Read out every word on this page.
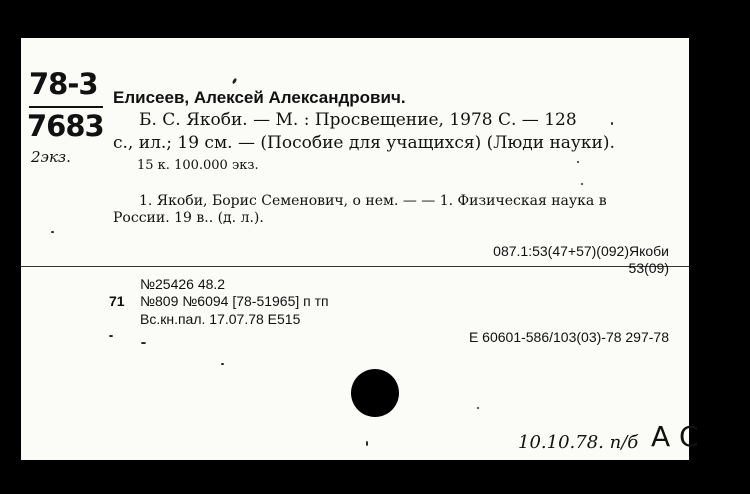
78-3
7683
2экз.
Елисеев, Алексей Александрович.
Б. С. Якоби. — М. : Просвещение, 1978 С. — 128
с., ил.; 19 см. — (Пособие для учащихся) (Люди науки).
15 к. 100.000 экз.
1. Якоби, Борис Семенович, о нем. — — 1. Физическая наука в
России. 19 в.. (д. л.).
087.1:53(47+57)(092)Якоби
53(09)
№25426 48.2
71 №809 №6094 [78-51965] п тп
Вс.кн.пал. 17.07.78 Е515
Е 60601-586/103(03)-78 297-78
10.10.78. п/б А С
